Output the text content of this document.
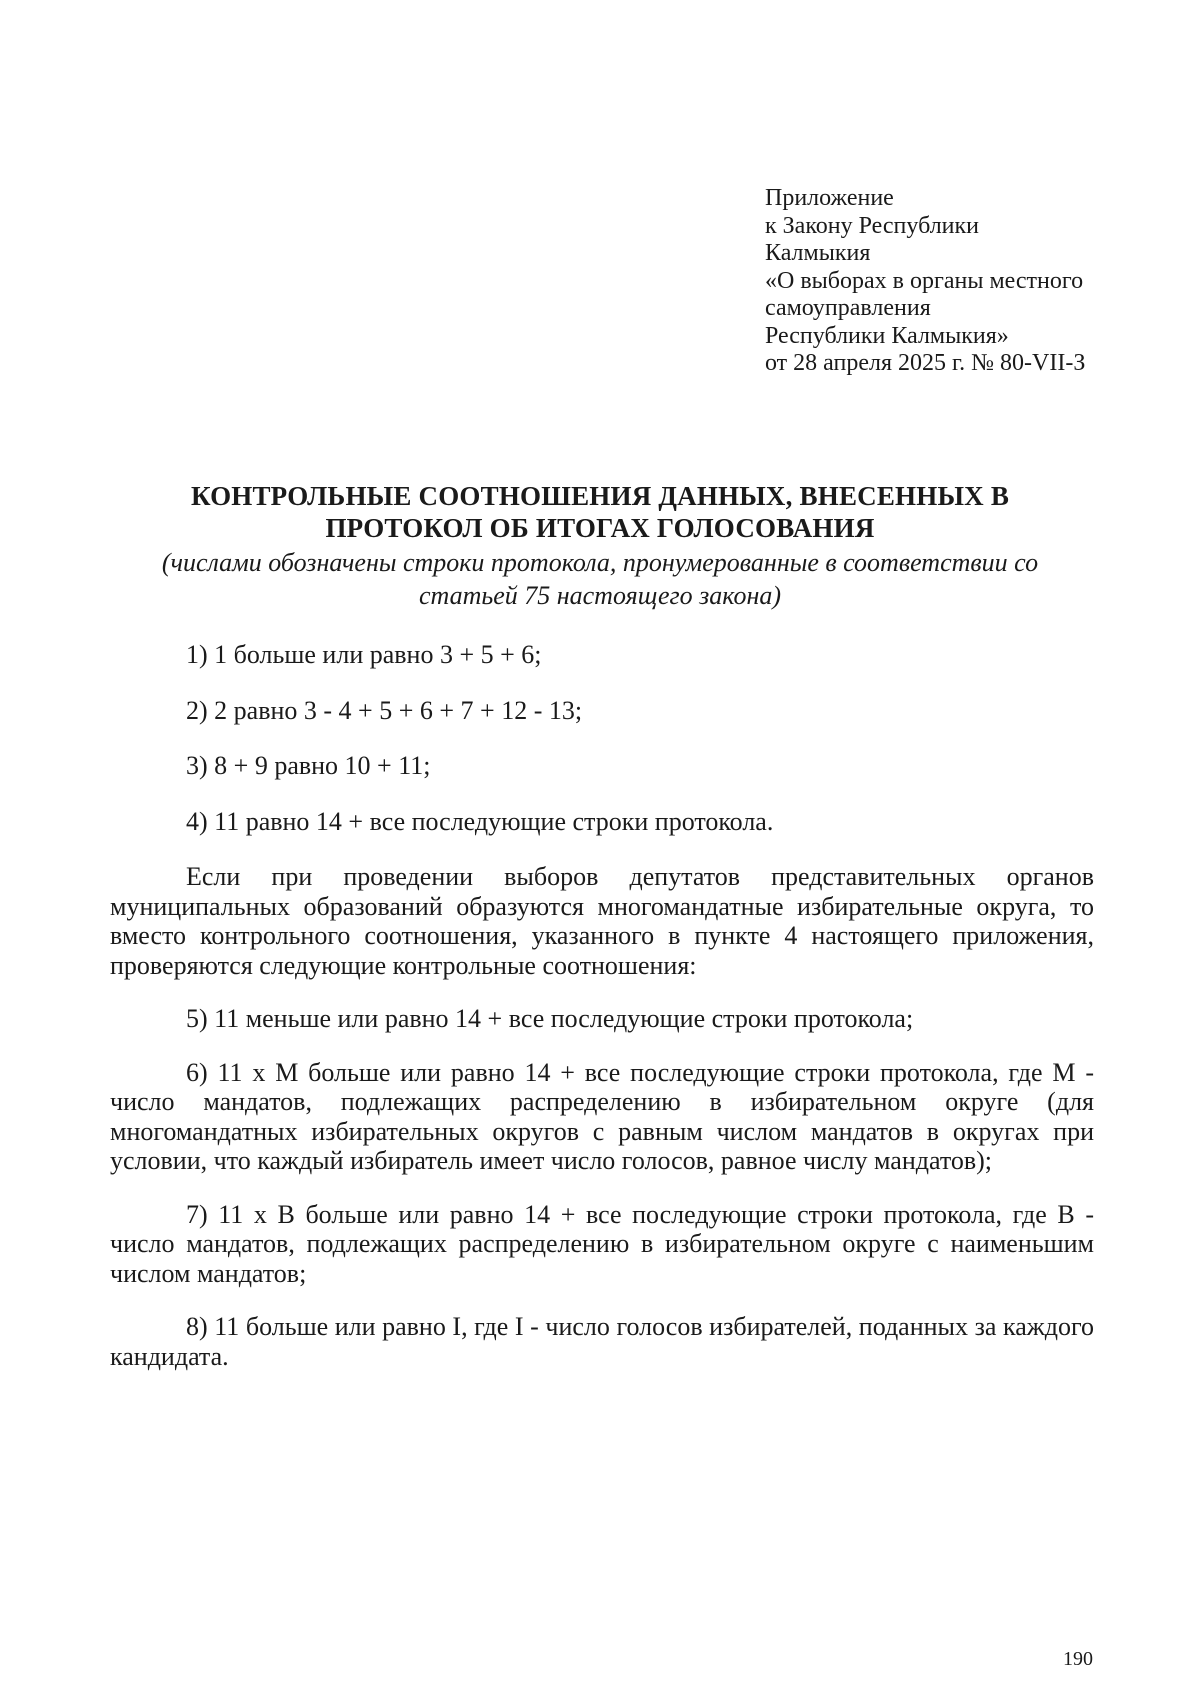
Приложение
к Закону Республики
Калмыкия
«О выборах в органы местного
самоуправления
Республики Калмыкия»
от 28 апреля 2025 г. № 80-VII-З
КОНТРОЛЬНЫЕ СООТНОШЕНИЯ ДАННЫХ, ВНЕСЕННЫХ В
ПРОТОКОЛ ОБ ИТОГАХ ГОЛОСОВАНИЯ
(числами обозначены строки протокола, пронумерованные в соответствии со статьей 75 настоящего закона)

1) 1 больше или равно 3 + 5 + 6;

2) 2 равно 3 - 4 + 5 + 6 + 7 + 12 - 13;

3) 8 + 9 равно 10 + 11;

4) 11 равно 14 + все последующие строки протокола.

Если при проведении выборов депутатов представительных органов муниципальных образований образуются многомандатные избирательные округа, то вместо контрольного соотношения, указанного в пункте 4 настоящего приложения, проверяются следующие контрольные соотношения:

5) 11 меньше или равно 14 + все последующие строки протокола;

6) 11 х М больше или равно 14 + все последующие строки протокола, где М - число мандатов, подлежащих распределению в избирательном округе (для многомандатных избирательных округов с равным числом мандатов в округах при условии, что каждый избиратель имеет число голосов, равное числу мандатов);

7) 11 х В больше или равно 14 + все последующие строки протокола, где В - число мандатов, подлежащих распределению в избирательном округе с наименьшим числом мандатов;

8) 11 больше или равно I, где I - число голосов избирателей, поданных за каждого кандидата.

190
